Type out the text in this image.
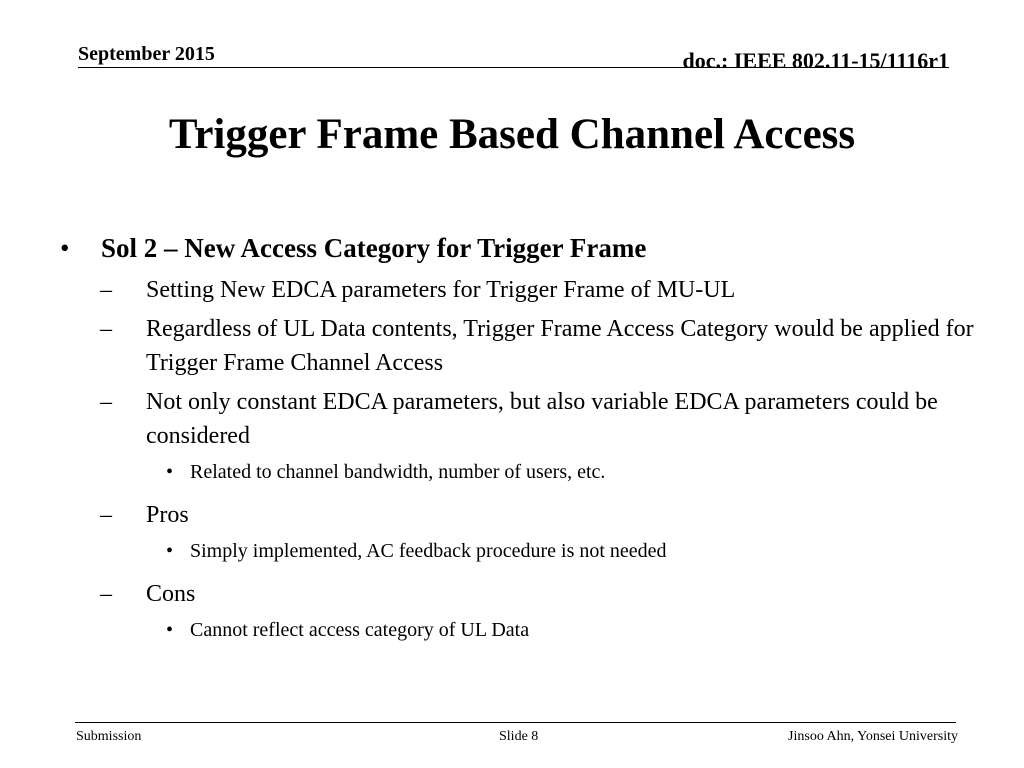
September 2015	doc.: IEEE 802.11-15/1116r1
Trigger Frame Based Channel Access
• Sol 2 – New Access Category for Trigger Frame
– Setting New EDCA parameters for Trigger Frame of MU-UL
– Regardless of UL Data contents, Trigger Frame Access Category would be applied for Trigger Frame Channel Access
– Not only constant EDCA parameters, but also variable EDCA parameters could be considered
• Related to channel bandwidth, number of users, etc.
– Pros
• Simply implemented, AC feedback procedure is not needed
– Cons
• Cannot reflect access category of UL Data
Submission	Slide 8	Jinsoo Ahn, Yonsei University
